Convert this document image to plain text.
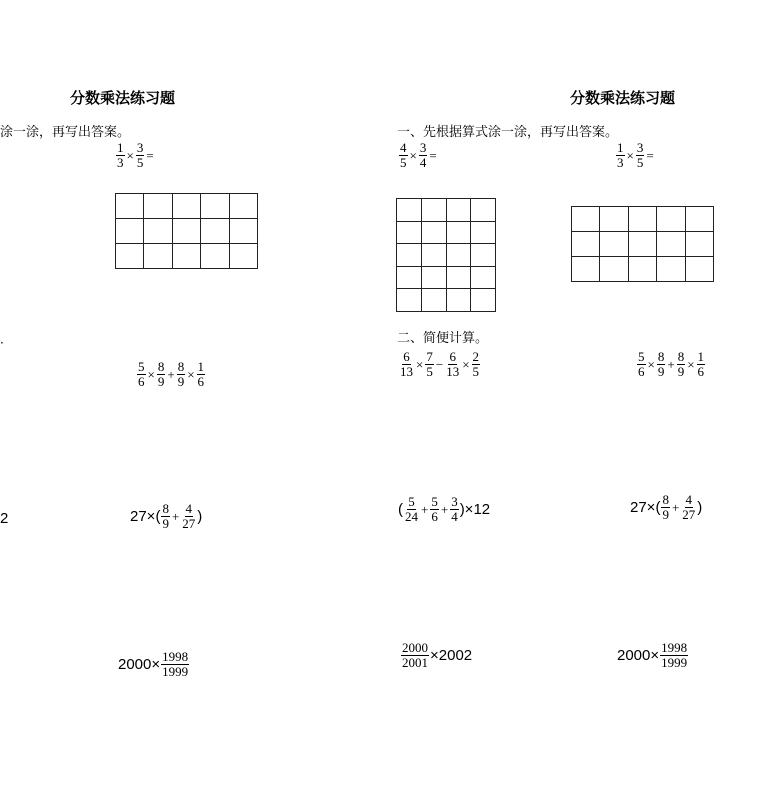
分数乘法练习题
涂一涂，再写出答案。
$\frac{1}{3} \times \frac{3}{5}$ =

·
$\frac{5}{6} \times \frac{8}{9} + \frac{8}{9} \times \frac{1}{6}$
2	$27\times( \frac{8}{9} + \frac{4}{27}$ )
$2000\times \frac{1998}{1999}$
分数乘法练习题
一、先根据算式涂一涂，再写出答案。
$\frac{4}{5} \times \frac{3}{4}$ =	$\frac{1}{3} \times \frac{3}{5}$ =

二、简便计算。
$\frac{6}{13} \times \frac{7}{5} - \frac{6}{13} \times \frac{2}{5}$	$\frac{5}{6} \times \frac{8}{9} + \frac{8}{9} \times \frac{1}{6}$
( $\frac{5}{24} + \frac{5}{6} + \frac{3}{4} )\times 12$	$27\times( \frac{8}{9} + \frac{4}{27}$ )
$\frac{2000}{2001} \times 2002$	$2000\times \frac{1998}{1999}$
